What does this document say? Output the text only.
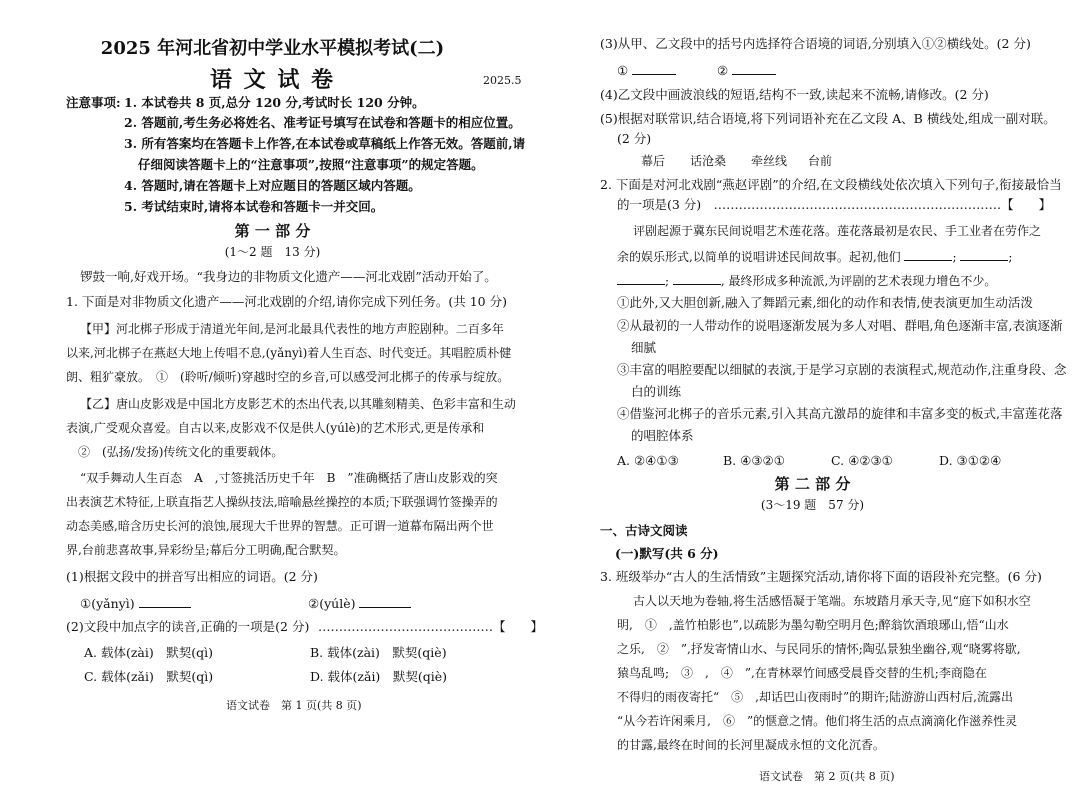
2025 年河北省初中学业水平模拟考试(二)
语 文 试 卷	2025.5
注意事项: 1. 本试卷共 8 页,总分 120 分,考试时长 120 分钟。
2. 答题前,考生务必将姓名、准考证号填写在试卷和答题卡的相应位置。
3. 所有答案均在答题卡上作答,在本试卷或草稿纸上作答无效。答题前,请
仔细阅读答题卡上的“注意事项”,按照“注意事项”的规定答题。
4. 答题时,请在答题卡上对应题目的答题区域内答题。
5. 考试结束时,请将本试卷和答题卡一并交回。
第 一 部 分
(1～2 题　13 分)
锣鼓一响,好戏开场。“我身边的非物质文化遗产——河北戏剧”活动开始了。
1. 下面是对非物质文化遗产——河北戏剧的介绍,请你完成下列任务。(共 10 分)
【甲】河北梆子形成于清道光年间,是河北最具代表性的地方声腔剧种。二百多年
以来,河北梆子在燕赵大地上传唱不息,(yǎnyì)着人生百态、时代变迁。其唱腔质朴健
朗、粗犷豪放。　①　(聆听/倾听)穿越时空的乡音,可以感受河北梆子的传承与绽放。
【乙】唐山皮影戏是中国北方皮影艺术的杰出代表,以其雕刻精美、色彩丰富和生动
表演,广受观众喜爱。自古以来,皮影戏不仅是供人(yúlè)的艺术形式,更是传承和
　②　(弘扬/发扬)传统文化的重要载体。
“双手舞动人生百态　A　,寸签挑活历史千年　B　”准确概括了唐山皮影戏的突
出表演艺术特征,上联直指艺人操纵技法,暗喻悬丝操控的本质;下联强调竹签操弄的
动态美感,暗含历史长河的浪蚀,展现大千世界的智慧。正可谓一道幕布隔出两个世
界,台前悲喜故事,异彩纷呈;幕后分工明确,配合默契。
(1)根据文段中的拼音写出相应的词语。(2 分)
①(yǎnyì)	②(yúlè)
(2)文段中加点字的读音,正确的一项是(2 分) ……………………………………【　　】
A. 载体(zài)　默契(qì)	B. 载体(zài)　默契(qiè)
C. 载体(zǎi)　默契(qì)	D. 载体(zǎi)　默契(qiè)
语文试卷　第 1 页(共 8 页)
(3)从甲、乙文段中的括号内选择符合语境的词语,分别填入①②横线处。(2 分)
①	②
(4)乙文段中画波浪线的短语,结构不一致,读起来不流畅,请修改。(2 分)
(5)根据对联常识,结合语境,将下列词语补充在乙文段 A、B 横线处,组成一副对联。
(2 分)
幕后 话沧桑 牵丝线 台前
2. 下面是对河北戏剧“燕赵评剧”的介绍,在文段横线处依次填入下列句子,衔接最恰当
的一项是(3 分)　……………………………………………………………【　　】
评剧起源于冀东民间说唱艺术莲花落。莲花落最初是农民、手工业者在劳作之
余的娱乐形式,以简单的说唱讲述民间故事。起初,他们	;	;
;	, 最终形成多种流派,为评剧的艺术表现力增色不少。
①此外,又大胆创新,融入了舞蹈元素,细化的动作和表情,使表演更加生动活泼
②从最初的一人带动作的说唱逐渐发展为多人对唱、群唱,角色逐渐丰富,表演逐渐
细腻
③丰富的唱腔要配以细腻的表演,于是学习京剧的表演程式,规范动作,注重身段、念
白的训练
④借鉴河北梆子的音乐元素,引入其高亢激昂的旋律和丰富多变的板式,丰富莲花落
的唱腔体系
A. ②④①③	B. ④③②①	C. ④②③①	D. ③①②④
第 二 部 分
(3～19 题　57 分)
一、古诗文阅读
(一)默写(共 6 分)
3. 班级举办“古人的生活情致”主题探究活动,请你将下面的语段补充完整。(6 分)
古人以天地为卷轴,将生活感悟凝于笔端。东坡踏月承天寺,见“庭下如积水空
明,　①　,盖竹柏影也”,以疏影为墨勾勒空明月色;醉翁饮酒琅琊山,悟“山水
之乐,　②　”,抒发寄情山水、与民同乐的情怀;陶弘景独坐幽谷,观“晓雾将歇,
猿鸟乱鸣;　③　,　④　”,在青林翠竹间感受晨昏交替的生机;李商隐在
不得归的雨夜寄托“　⑤　,却话巴山夜雨时”的期许;陆游游山西村后,流露出
“从今若许闲乘月,　⑥　”的惬意之情。他们将生活的点点滴滴化作滋养性灵
的甘露,最终在时间的长河里凝成永恒的文化沉香。
语文试卷　第 2 页(共 8 页)
